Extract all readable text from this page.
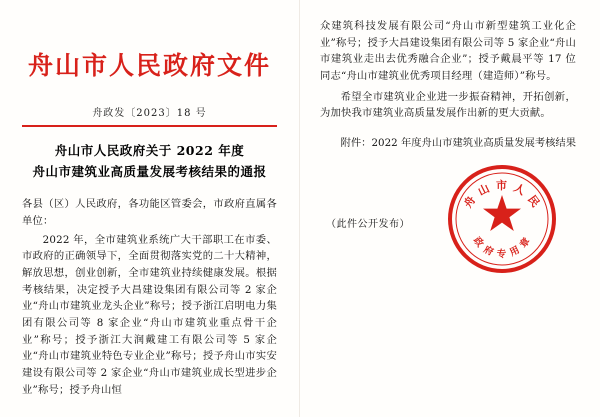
舟山市人民政府文件
舟政发〔2023〕18 号
舟山市人民政府关于 2022 年度
舟山市建筑业高质量发展考核结果的通报

各县（区）人民政府，各功能区管委会，市政府直属各单位：

2022 年，全市建筑业系统广大干部职工在市委、市政府的正确领导下，全面贯彻落实党的二十大精神，解放思想，创业创新，全市建筑业持续健康发展。根据考核结果，决定授予大昌建设集团有限公司等 2 家企业“舟山市建筑业龙头企业”称号；授予浙江启明电力集团有限公司等 8 家企业“舟山市建筑业重点骨干企业”称号；授予浙江大润戴建工有限公司等 5 家企业“舟山市建筑业特色专业企业”称号；授予舟山市实安建设有限公司等 2 家企业“舟山市建筑业成长型进步企业”称号；授予舟山恒

众建筑科技发展有限公司“舟山市新型建筑工业化企业”称号；授予大昌建设集团有限公司等 5 家企业“舟山市建筑业走出去优秀融合企业”；授予戴晨平等 17 位同志“舟山市建筑业优秀项目经理（建造师）”称号。

希望全市建筑业企业进一步振奋精神，开拓创新，为加快我市建筑业高质量发展作出新的更大贡献。

附件：2022 年度舟山市建筑业高质量发展考核结果
（此件公开发布）
舟 山 市 人 民
政 府 专 用 章
